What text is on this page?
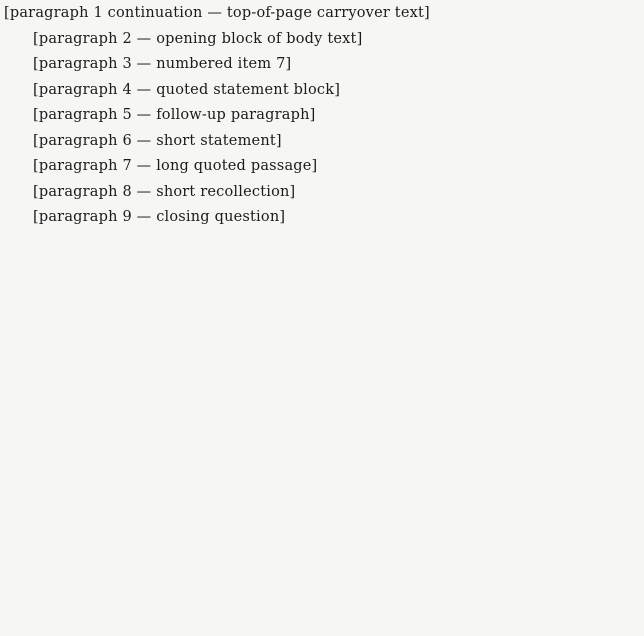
[paragraph 1 continuation — top-of-page carryover text]

[paragraph 2 — opening block of body text]

[paragraph 3 — numbered item 7]

[paragraph 4 — quoted statement block]

[paragraph 5 — follow-up paragraph]

[paragraph 6 — short statement]

[paragraph 7 — long quoted passage]

[paragraph 8 — short recollection]

[paragraph 9 — closing question]
